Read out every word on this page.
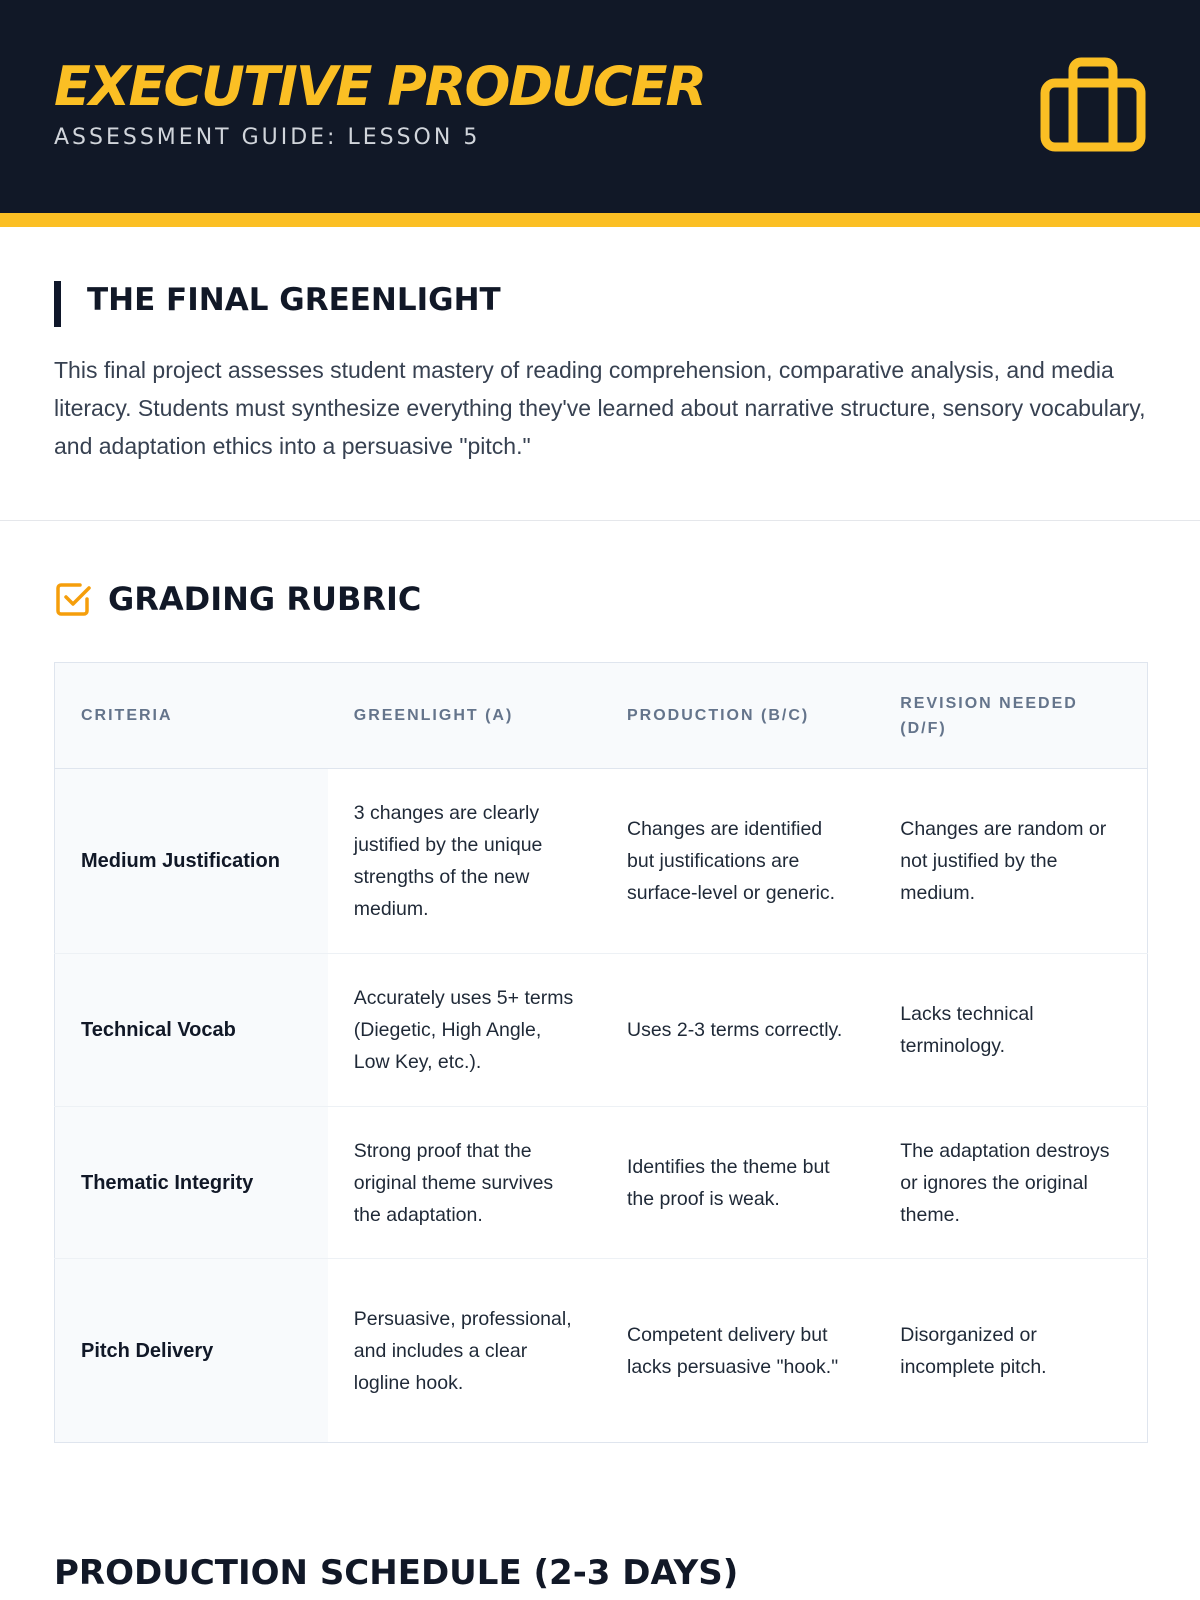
EXECUTIVE PRODUCER
ASSESSMENT GUIDE: LESSON 5
THE FINAL GREENLIGHT

This final project assesses student mastery of reading comprehension, comparative analysis, and media literacy. Students must synthesize everything they've learned about narrative structure, sensory vocabulary, and adaptation ethics into a persuasive "pitch."

GRADING RUBRIC
CRITERIA	GREENLIGHT (A)	PRODUCTION (B/C)	REVISION NEEDED (D/F)
Medium Justification	3 changes are clearly justified by the unique strengths of the new medium.	Changes are identified but justifications are surface-level or generic.	Changes are random or not justified by the medium.
Technical Vocab	Accurately uses 5+ terms (Diegetic, High Angle, Low Key, etc.).	Uses 2-3 terms correctly.	Lacks technical terminology.
Thematic Integrity	Strong proof that the original theme survives the adaptation.	Identifies the theme but the proof is weak.	The adaptation destroys or ignores the original theme.
Pitch Delivery	Persuasive, professional, and includes a clear logline hook.	Competent delivery but lacks persuasive "hook."	Disorganized or incomplete pitch.
PRODUCTION SCHEDULE (2-3 DAYS)
